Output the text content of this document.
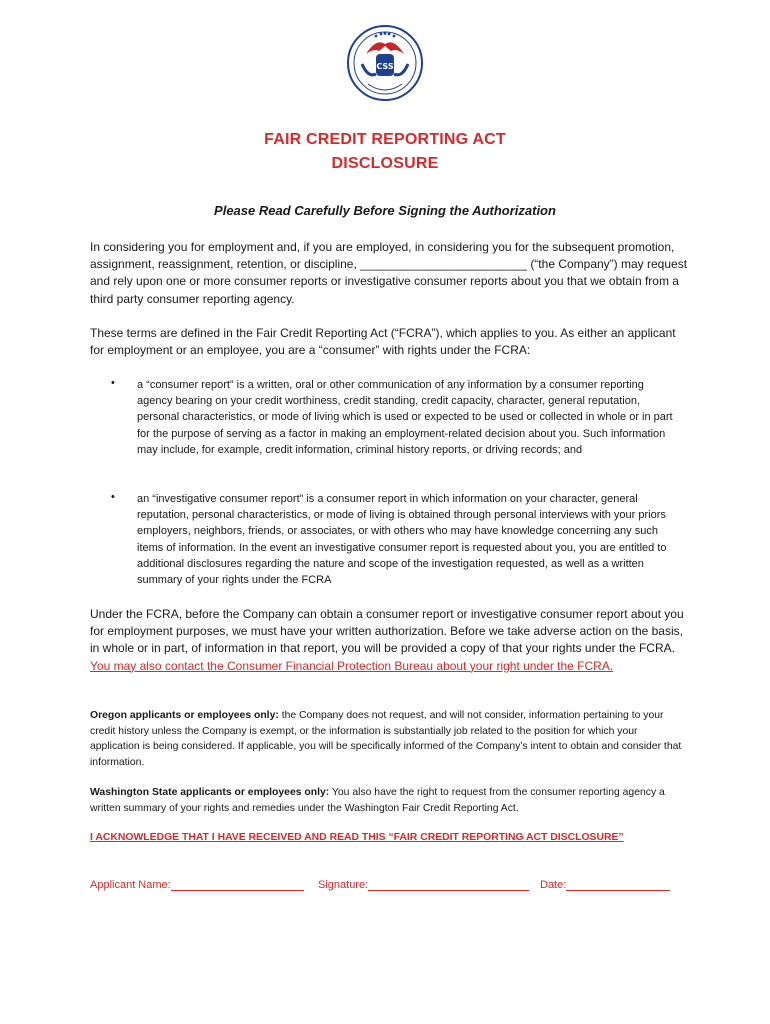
CSS
FAIR CREDIT REPORTING ACT
DISCLOSURE
Please Read Carefully Before Signing the Authorization

In considering you for employment and, if you are employed, in considering you for the subsequent promotion, assignment, reassignment, retention, or discipline, _________________________ (“the Company”) may request and rely upon one or more consumer reports or investigative consumer reports about you that we obtain from a third party consumer reporting agency.

These terms are defined in the Fair Credit Reporting Act (“FCRA”), which applies to you. As either an applicant for employment or an employee, you are a “consumer” with rights under the FCRA:

• a “consumer report” is a written, oral or other communication of any information by a consumer reporting agency bearing on your credit worthiness, credit standing, credit capacity, character, general reputation, personal characteristics, or mode of living which is used or expected to be used or collected in whole or in part for the purpose of serving as a factor in making an employment-related decision about you. Such information may include, for example, credit information, criminal history reports, or driving records; and

• an “investigative consumer report” is a consumer report in which information on your character, general reputation, personal characteristics, or mode of living is obtained through personal interviews with your priors employers, neighbors, friends, or associates, or with others who may have knowledge concerning any such items of information. In the event an investigative consumer report is requested about you, you are entitled to additional disclosures regarding the nature and scope of the investigation requested, as well as a written summary of your rights under the FCRA

Under the FCRA, before the Company can obtain a consumer report or investigative consumer report about you for employment purposes, we must have your written authorization. Before we take adverse action on the basis, in whole or in part, of information in that report, you will be provided a copy of that your rights under the FCRA. You may also contact the Consumer Financial Protection Bureau about your right under the FCRA.

Oregon applicants or employees only: the Company does not request, and will not consider, information pertaining to your credit history unless the Company is exempt, or the information is substantially job related to the position for which your application is being considered. If applicable, you will be specifically informed of the Company’s intent to obtain and consider that information.

Washington State applicants or employees only: You also have the right to request from the consumer reporting agency a written summary of your rights and remedies under the Washington Fair Credit Reporting Act.

I ACKNOWLEDGE THAT I HAVE RECEIVED AND READ THIS “FAIR CREDIT REPORTING ACT DISCLOSURE”
Applicant Name:	Signature:	Date:
